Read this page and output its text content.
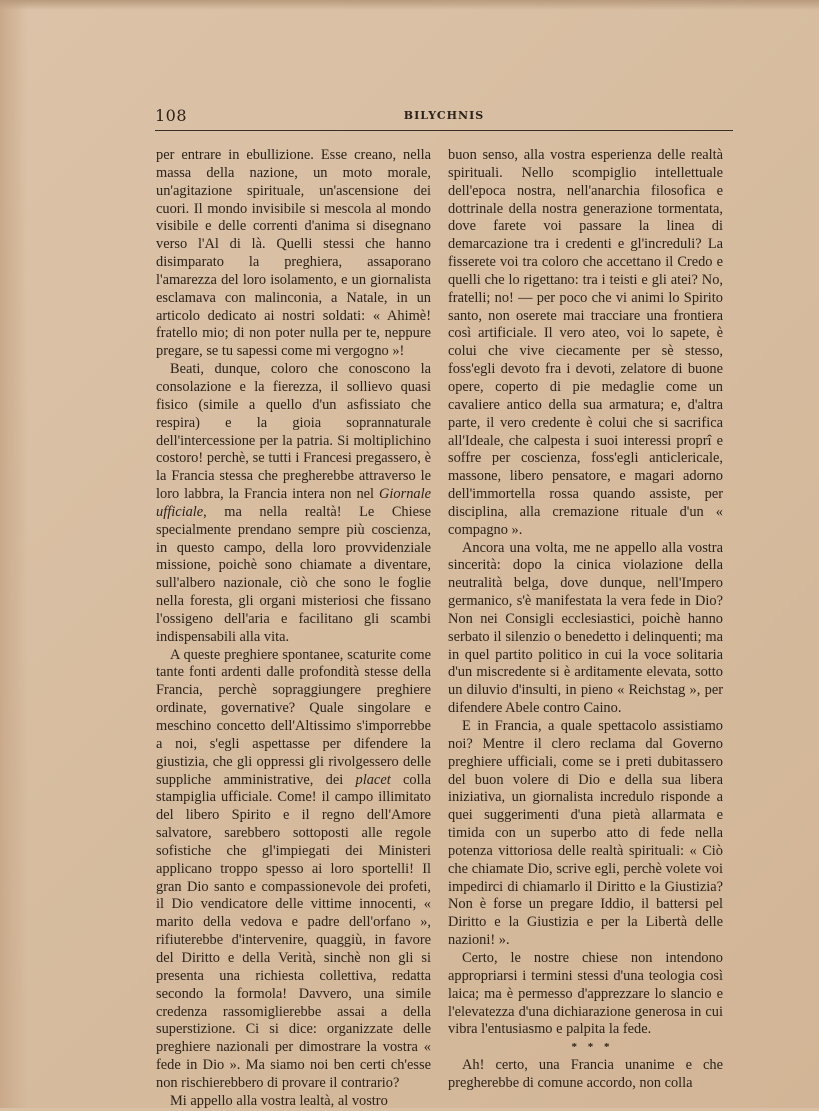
108	BILYCHNIS

per entrare in ebullizione. Esse creano, nella massa della nazione, un moto morale, un'agitazione spirituale, un'ascensione dei cuori. Il mondo invisibile si mescola al mondo visibile e delle correnti d'anima si disegnano verso l'Al di là. Quelli stessi che hanno disimparato la preghiera, assaporano l'amarezza del loro isolamento, e un giornalista esclamava con malinconia, a Natale, in un articolo dedicato ai nostri soldati: « Ahimè! fratello mio; di non poter nulla per te, neppure pregare, se tu sapessi come mi vergogno »!

Beati, dunque, coloro che conoscono la consolazione e la fierezza, il sollievo quasi fisico (simile a quello d'un asfissiato che respira) e la gioia soprannaturale dell'intercessione per la patria. Si moltiplichino costoro! perchè, se tutti i Francesi pregassero, è la Francia stessa che pregherebbe attraverso le loro labbra, la Francia intera non nel Giornale ufficiale, ma nella realtà! Le Chiese specialmente prendano sempre più coscienza, in questo campo, della loro provvidenziale missione, poichè sono chiamate a diventare, sull'albero nazionale, ciò che sono le foglie nella foresta, gli organi misteriosi che fissano l'ossigeno dell'aria e facilitano gli scambi indispensabili alla vita.

A queste preghiere spontanee, scaturite come tante fonti ardenti dalle profondità stesse della Francia, perchè sopraggiungere preghiere ordinate, governative? Quale singolare e meschino concetto dell'Altissimo s'imporrebbe a noi, s'egli aspettasse per difendere la giustizia, che gli oppressi gli rivolgessero delle suppliche amministrative, dei placet colla stampiglia ufficiale. Come! il campo illimitato del libero Spirito e il regno dell'Amore salvatore, sarebbero sottoposti alle regole sofistiche che gl'impiegati dei Ministeri applicano troppo spesso ai loro sportelli! Il gran Dio santo e compassionevole dei profeti, il Dio vendicatore delle vittime innocenti, « marito della vedova e padre dell'orfano », rifiuterebbe d'intervenire, quaggiù, in favore del Diritto e della Verità, sinchè non gli si presenta una richiesta collettiva, redatta secondo la formola! Davvero, una simile credenza rassomiglierebbe assai a della superstizione. Ci si dice: organizzate delle preghiere nazionali per dimostrare la vostra « fede in Dio ». Ma siamo noi ben certi ch'esse non rischierebbero di provare il contrario?

Mi appello alla vostra lealtà, al vostro

buon senso, alla vostra esperienza delle realtà spirituali. Nello scompiglio intellettuale dell'epoca nostra, nell'anarchia filosofica e dottrinale della nostra generazione tormentata, dove farete voi passare la linea di demarcazione tra i credenti e gl'increduli? La fisserete voi tra coloro che accettano il Credo e quelli che lo rigettano: tra i teisti e gli atei? No, fratelli; no! — per poco che vi animi lo Spirito santo, non oserete mai tracciare una frontiera così artificiale. Il vero ateo, voi lo sapete, è colui che vive ciecamente per sè stesso, foss'egli devoto fra i devoti, zelatore di buone opere, coperto di pie medaglie come un cavaliere antico della sua armatura; e, d'altra parte, il vero credente è colui che si sacrifica all'Ideale, che calpesta i suoi interessi proprî e soffre per coscienza, foss'egli anticlericale, massone, libero pensatore, e magari adorno dell'immortella rossa quando assiste, per disciplina, alla cremazione rituale d'un « compagno ».

Ancora una volta, me ne appello alla vostra sincerità: dopo la cinica violazione della neutralità belga, dove dunque, nell'Impero germanico, s'è manifestata la vera fede in Dio? Non nei Consigli ecclesiastici, poichè hanno serbato il silenzio o benedetto i delinquenti; ma in quel partito politico in cui la voce solitaria d'un miscredente si è arditamente elevata, sotto un diluvio d'insulti, in pieno « Reichstag », per difendere Abele contro Caino.

E in Francia, a quale spettacolo assistiamo noi? Mentre il clero reclama dal Governo preghiere ufficiali, come se i preti dubitassero del buon volere di Dio e della sua libera iniziativa, un giornalista incredulo risponde a quei suggerimenti d'una pietà allarmata e timida con un superbo atto di fede nella potenza vittoriosa delle realtà spirituali: « Ciò che chiamate Dio, scrive egli, perchè volete voi impedirci di chiamarlo il Diritto e la Giustizia? Non è forse un pregare Iddio, il battersi pel Diritto e la Giustizia e per la Libertà delle nazioni! ».

Certo, le nostre chiese non intendono appropriarsi i termini stessi d'una teologia così laica; ma è permesso d'apprezzare lo slancio e l'elevatezza d'una dichiarazione generosa in cui vibra l'entusiasmo e palpita la fede.

* * *

Ah! certo, una Francia unanime e che pregherebbe di comune accordo, non colla
